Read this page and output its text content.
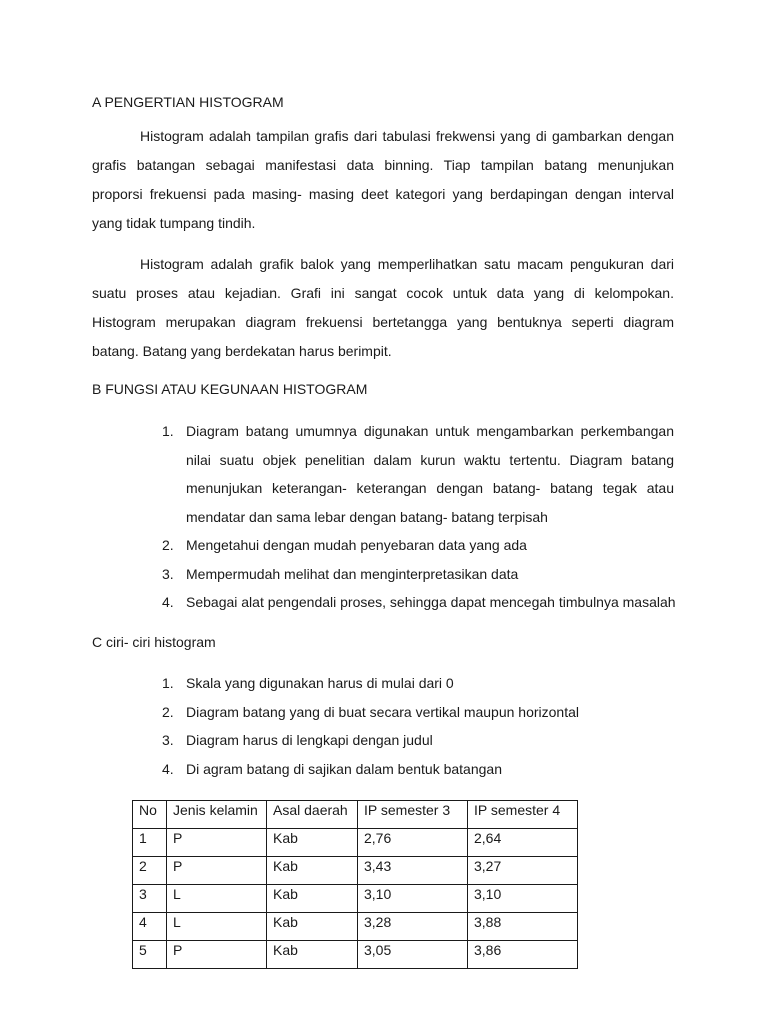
A PENGERTIAN HISTOGRAM
Histogram adalah tampilan grafis dari tabulasi frekwensi yang di gambarkan dengan
grafis batangan sebagai manifestasi data binning. Tiap tampilan batang menunjukan
proporsi frekuensi pada masing- masing deet kategori yang berdapingan dengan interval
yang tidak tumpang tindih.
Histogram adalah grafik balok yang memperlihatkan satu macam pengukuran dari
suatu proses atau kejadian. Grafi ini sangat cocok untuk data yang di kelompokan.
Histogram merupakan diagram frekuensi bertetangga yang bentuknya seperti diagram
batang. Batang yang berdekatan harus berimpit.
B FUNGSI ATAU KEGUNAAN HISTOGRAM
1. Diagram batang umumnya digunakan untuk mengambarkan perkembangan
nilai suatu objek penelitian dalam kurun waktu tertentu. Diagram batang
menunjukan keterangan- keterangan dengan batang- batang tegak atau
mendatar dan sama lebar dengan batang- batang terpisah
2. Mengetahui dengan mudah penyebaran data yang ada
3. Mempermudah melihat dan menginterpretasikan data
4. Sebagai alat pengendali proses, sehingga dapat mencegah timbulnya masalah
C ciri- ciri histogram
1. Skala yang digunakan harus di mulai dari 0
2. Diagram batang yang di buat secara vertikal maupun horizontal
3. Diagram harus di lengkapi dengan judul
4. Di agram batang di sajikan dalam bentuk batangan
No	Jenis kelamin	Asal daerah	IP semester 3	IP semester 4
1	P	Kab	2,76	2,64
2	P	Kab	3,43	3,27
3	L	Kab	3,10	3,10
4	L	Kab	3,28	3,88
5	P	Kab	3,05	3,86
